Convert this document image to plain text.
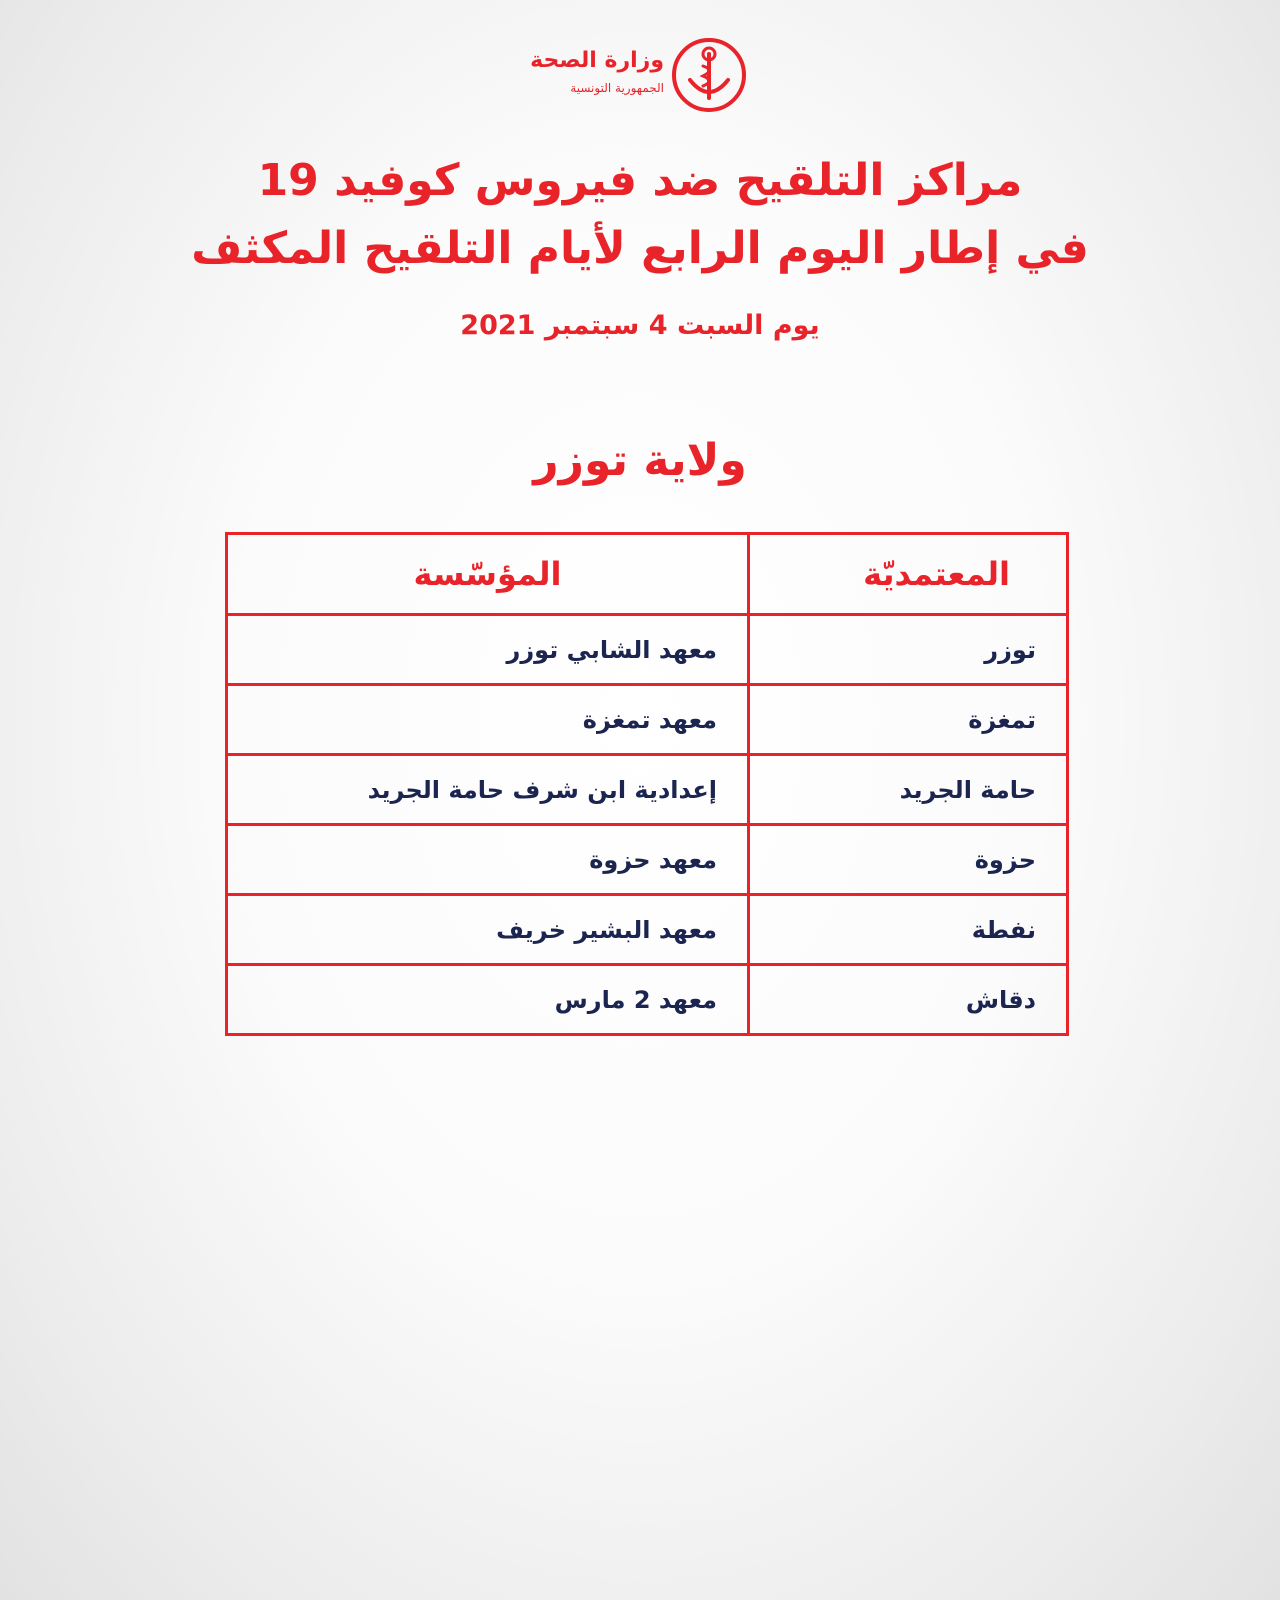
وزارة الصحة
الجمهورية التونسية
مراكز التلقيح ضد فيروس كوفيد 19
في إطار اليوم الرابع لأيام التلقيح المكثف
يوم السبت 4 سبتمبر 2021
ولاية توزر
المعتمديّة	المؤسّسة
توزر	معهد الشابي توزر
تمغزة	معهد تمغزة
حامة الجريد	إعدادية ابن شرف حامة الجريد
حزوة	معهد حزوة
نفطة	معهد البشير خريف
دقاش	معهد 2 مارس
